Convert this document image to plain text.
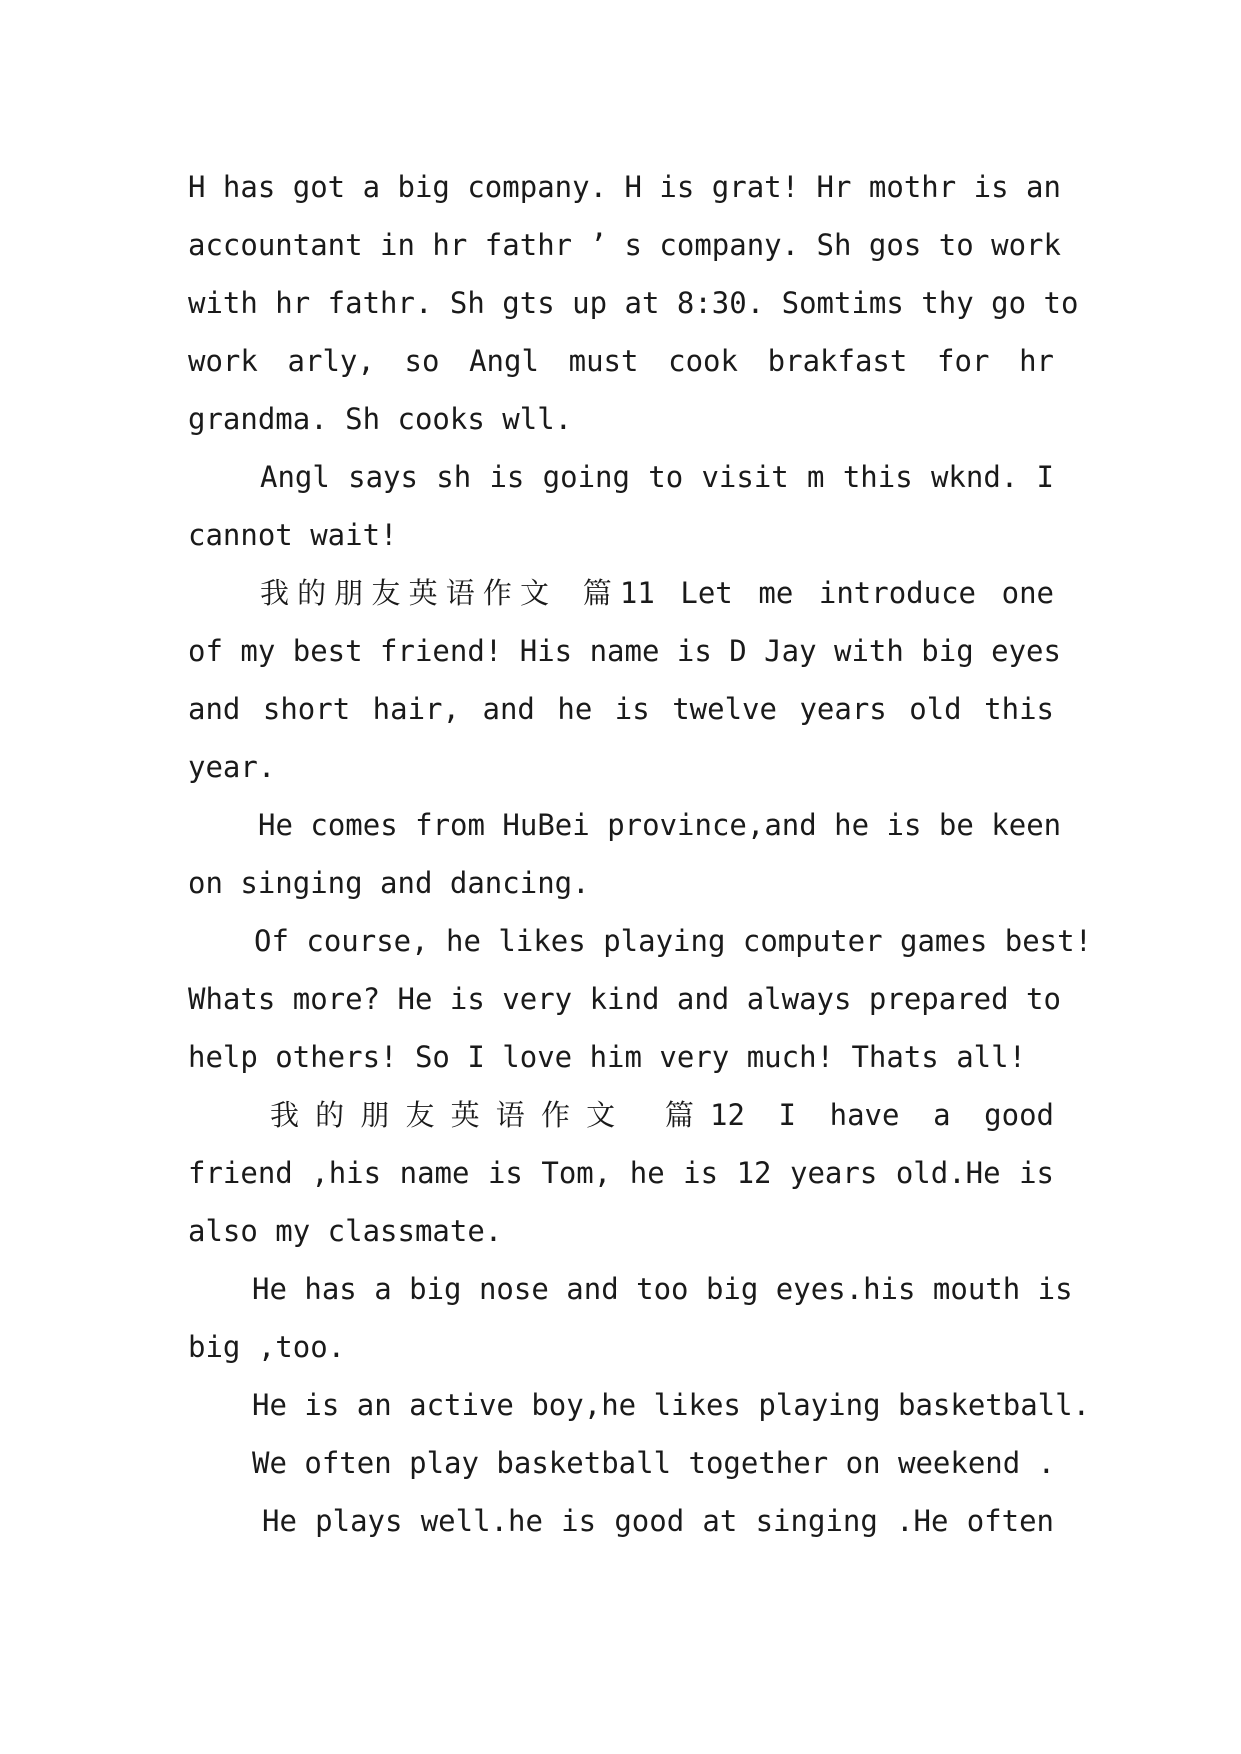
H has got a big company. H is grat! Hr mothr is an
accountant in hr fathr ’ s company. Sh gos to work
with hr fathr. Sh gts up at 8:30. Somtims thy go to
work arly, so Angl must cook brakfast for hr
grandma. Sh cooks wll.
Angl says sh is going to visit m this wknd. I
cannot wait!
我的朋友英语作文 篇11 Let me introduce one
of my best friend! His name is D Jay with big eyes
and short hair, and he is twelve years old this
year.
He comes from HuBei province,and he is be keen
on singing and dancing.
Of course, he likes playing computer games best!
Whats more? He is very kind and always prepared to
help others! So I love him very much! Thats all!
我的朋友英语作文 篇12 I have a good
friend ,his name is Tom, he is 12 years old.He is
also my classmate.
He has a big nose and too big eyes.his mouth is
big ,too.
He is an active boy,he likes playing basketball.
We often play basketball together on weekend .
He plays well.he is good at singing .He often
